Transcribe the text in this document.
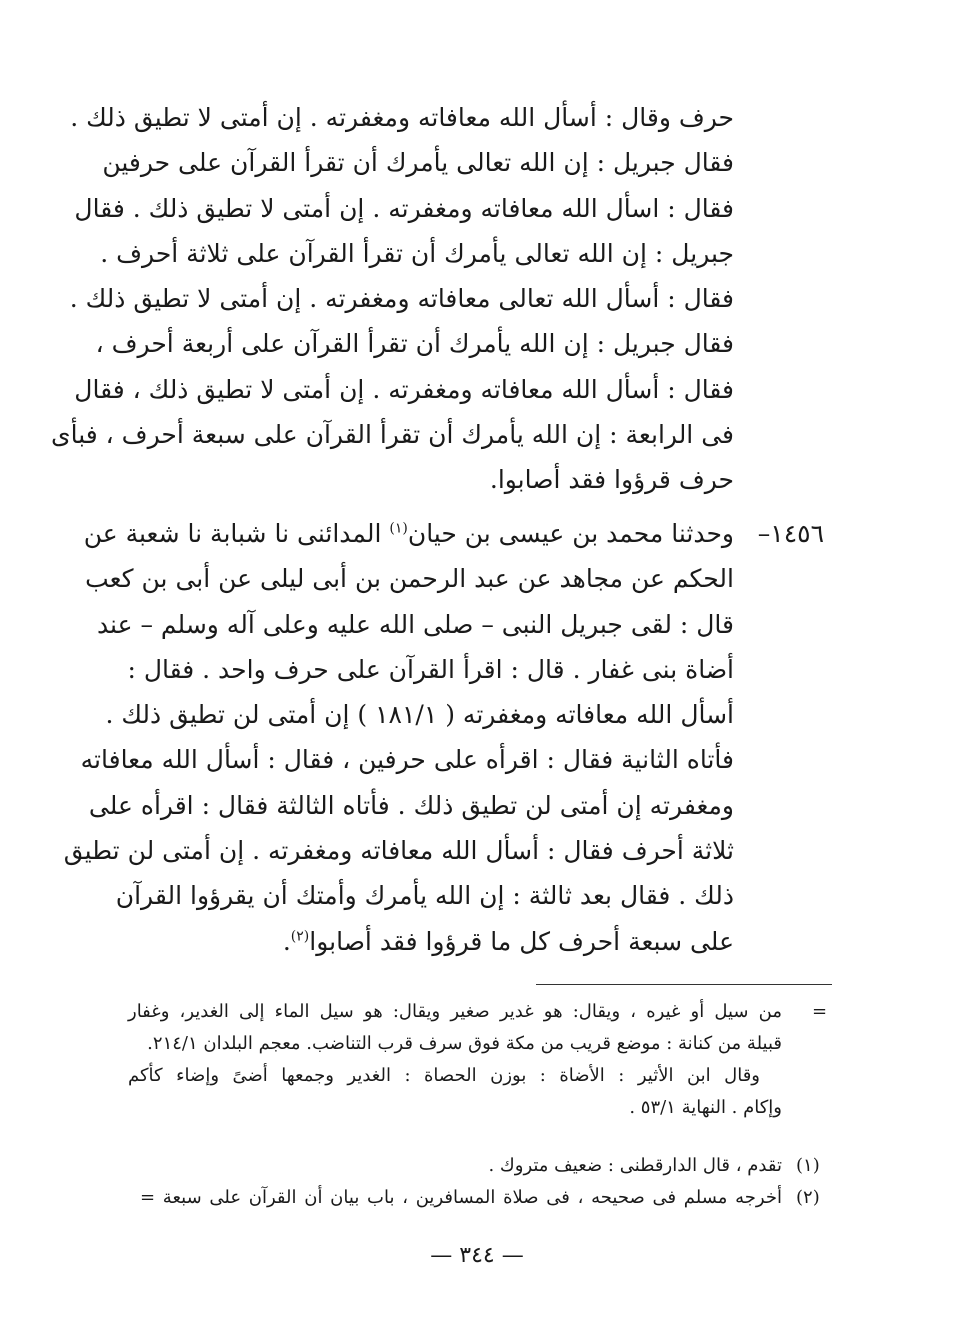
حرف وقال : أسأل الله معافاته ومغفرته . إن أمتى لا تطيق ذلك .
فقال جبريل : إن الله تعالى يأمرك أن تقرأ القرآن على حرفين
فقال : اسأل الله معافاته ومغفرته . إن أمتى لا تطيق ذلك . فقال
جبريل : إن الله تعالى يأمرك أن تقرأ القرآن على ثلاثة أحرف .
فقال : أسأل الله تعالى معافاته ومغفرته . إن أمتى لا تطيق ذلك .
فقال جبريل : إن الله يأمرك أن تقرأ القرآن على أربعة أحرف ،
فقال : أسأل الله معافاته ومغفرته . إن أمتى لا تطيق ذلك ، فقال
فى الرابعة : إن الله يأمرك أن تقرأ القرآن على سبعة أحرف ، فبأى
حرف قرؤوا فقد أصابوا.
١٤٥٦–
وحدثنا محمد بن عيسى بن حيان$^{(١)}$ المدائنى نا شبابة نا شعبة عن
الحكم عن مجاهد عن عبد الرحمن بن أبى ليلى عن أبى بن كعب
قال : لقى جبريل النبى – صلى الله عليه وعلى آله وسلم – عند
أضاة بنى غفار . قال : اقرأ القرآن على حرف واحد . فقال :
أسأل الله معافاته ومغفرته ( ١٨١/١ ) إن أمتى لن تطيق ذلك .
فأتاه الثانية فقال : اقرأه على حرفين ، فقال : أسأل الله معافاته
ومغفرته إن أمتى لن تطيق ذلك . فأتاه الثالثة فقال : اقرأه على
ثلاثة أحرف فقال : أسأل الله معافاته ومغفرته . إن أمتى لن تطيق
ذلك . فقال بعد ثالثة : إن الله يأمرك وأمتك أن يقرؤوا القرآن
على سبعة أحرف كل ما قرؤوا فقد أصابوا$^{(٢)}$.
=
من سيل أو غيره ، ويقال: هو غدير صغير ويقال: هو سيل الماء إلى الغدير، وغفار
قبيلة من كنانة : موضع قريب من مكة فوق سرف قرب التناضب. معجم البلدان ٢١٤/١.
وقال ابن الأثير : الأضاة : بوزن الحصاة : الغدير وجمعها أضىً وإضاء كأكم
وإكام . النهاية ٥٣/١ .
(١)
تقدم ، قال الدارقطنى : ضعيف متروك .
(٢)
أخرجه مسلم فى صحيحه ، فى صلاة المسافرين ، باب بيان أن القرآن على سبعة =
— ٣٤٤ —
